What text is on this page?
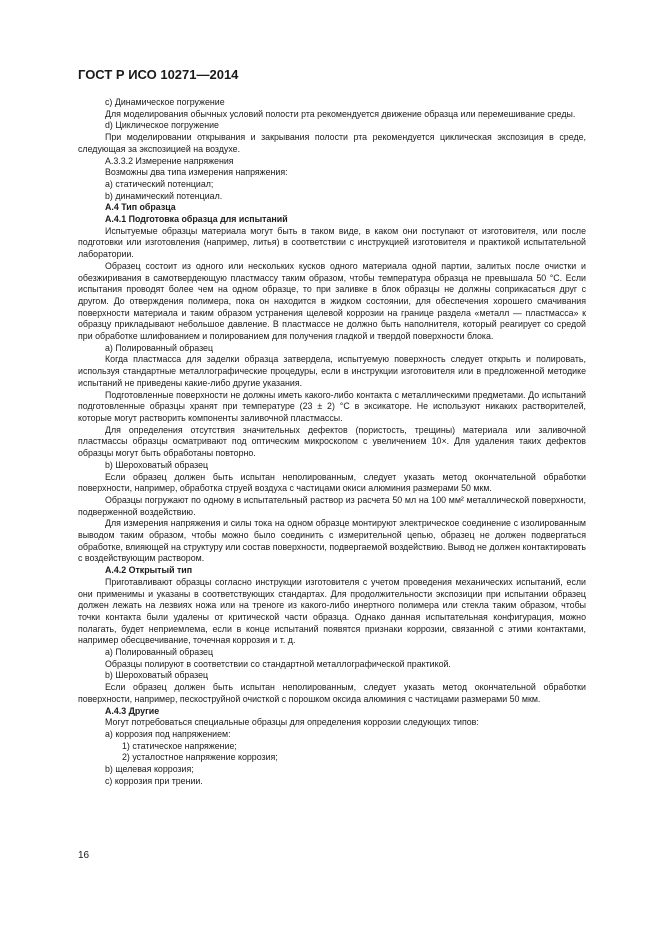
ГОСТ Р ИСО 10271—2014

c) Динамическое погружение

Для моделирования обычных условий полости рта рекомендуется движение образца или перемешивание среды.

d) Циклическое погружение

При моделировании открывания и закрывания полости рта рекомендуется циклическая экспозиция в среде, следующая за экспозицией на воздухе.

А.3.3.2 Измерение напряжения

Возможны два типа измерения напряжения:

a) статический потенциал;

b) динамический потенциал.

А.4 Тип образца

А.4.1 Подготовка образца для испытаний

Испытуемые образцы материала могут быть в таком виде, в каком они поступают от изготовителя, или после подготовки или изготовления (например, литья) в соответствии с инструкцией изготовителя и практикой испытательной лаборатории.

Образец состоит из одного или нескольких кусков одного материала одной партии, залитых после очистки и обезжиривания в самотвердеющую пластмассу таким образом, чтобы температура образца не превышала 50 °С. Если испытания проводят более чем на одном образце, то при заливке в блок образцы не должны соприкасаться друг с другом. До отверждения полимера, пока он находится в жидком состоянии, для обеспечения хорошего смачивания поверхности материала и таким образом устранения щелевой коррозии на границе раздела «металл — пластмасса» к образцу прикладывают небольшое давление. В пластмассе не должно быть наполнителя, который реагирует со средой при обработке шлифованием и полированием для получения гладкой и твердой поверхности блока.

a) Полированный образец

Когда пластмасса для заделки образца затвердела, испытуемую поверхность следует открыть и полировать, используя стандартные металлографические процедуры, если в инструкции изготовителя или в предложенной методике испытаний не приведены какие-либо другие указания.

Подготовленные поверхности не должны иметь какого-либо контакта с металлическими предметами. До испытаний подготовленные образцы хранят при температуре (23 ± 2) °С в эксикаторе. Не используют никаких растворителей, которые могут растворить компоненты заливочной пластмассы.

Для определения отсутствия значительных дефектов (пористость, трещины) материала или заливочной пластмассы образцы осматривают под оптическим микроскопом с увеличением 10×. Для удаления таких дефектов образцы могут быть обработаны повторно.

b) Шероховатый образец

Если образец должен быть испытан неполированным, следует указать метод окончательной обработки поверхности, например, обработка струей воздуха с частицами окиси алюминия размерами 50 мкм.

Образцы погружают по одному в испытательный раствор из расчета 50 мл на 100 мм² металлической поверхности, подверженной воздействию.

Для измерения напряжения и силы тока на одном образце монтируют электрическое соединение с изолированным выводом таким образом, чтобы можно было соединить с измерительной цепью, образец не должен подвергаться обработке, влияющей на структуру или состав поверхности, подвергаемой воздействию. Вывод не должен контактировать с воздействующим раствором.

А.4.2 Открытый тип

Приготавливают образцы согласно инструкции изготовителя с учетом проведения механических испытаний, если они применимы и указаны в соответствующих стандартах. Для продолжительности экспозиции при испытании образец должен лежать на лезвиях ножа или на треноге из какого-либо инертного полимера или стекла таким образом, чтобы точки контакта были удалены от критической части образца. Однако данная испытательная конфигурация, можно полагать, будет неприемлема, если в конце испытаний появятся признаки коррозии, связанной с этими контактами, например обесцвечивание, точечная коррозия и т. д.

a) Полированный образец

Образцы полируют в соответствии со стандартной металлографической практикой.

b) Шероховатый образец

Если образец должен быть испытан неполированным, следует указать метод окончательной обработки поверхности, например, пескоструйной очисткой с порошком оксида алюминия с частицами размерами 50 мкм.

А.4.3 Другие

Могут потребоваться специальные образцы для определения коррозии следующих типов:

a) коррозия под напряжением:

1) статическое напряжение;

2) усталостное напряжение коррозия;

b) щелевая коррозия;

c) коррозия при трении.

16
